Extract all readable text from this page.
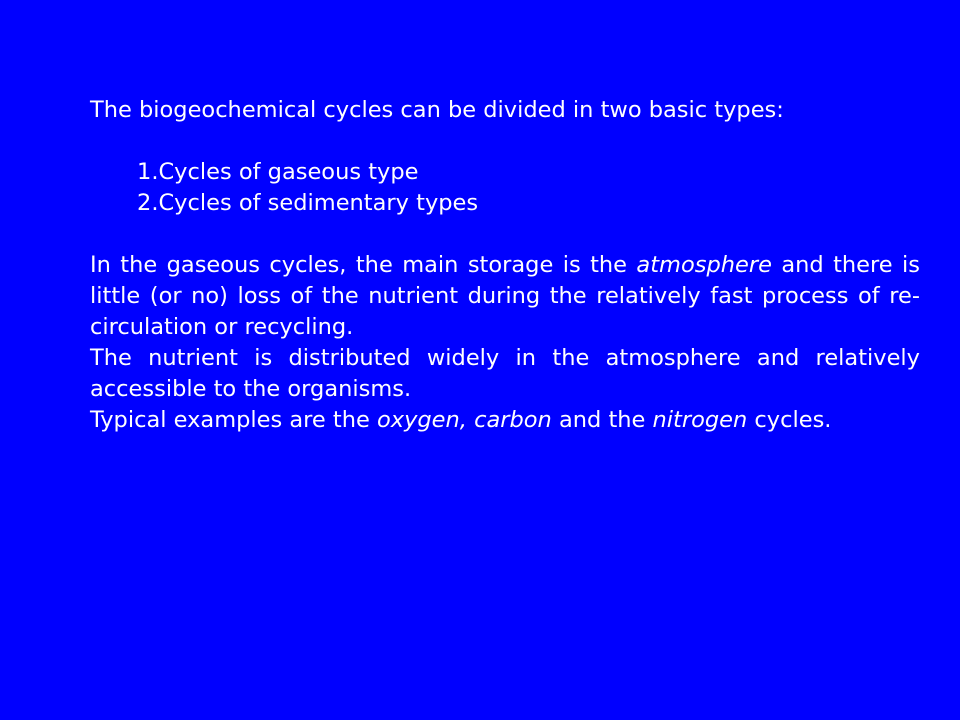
The biogeochemical cycles can be divided in two basic types:

1.Cycles of gaseous type
2.Cycles of sedimentary types

In the gaseous cycles, the main storage is the atmosphere and there is little (or no) loss of the nutrient during the relatively fast process of re-circulation or recycling.

The nutrient is distributed widely in the atmosphere and relatively accessible to the organisms.

Typical examples are the oxygen, carbon and the nitrogen cycles.
